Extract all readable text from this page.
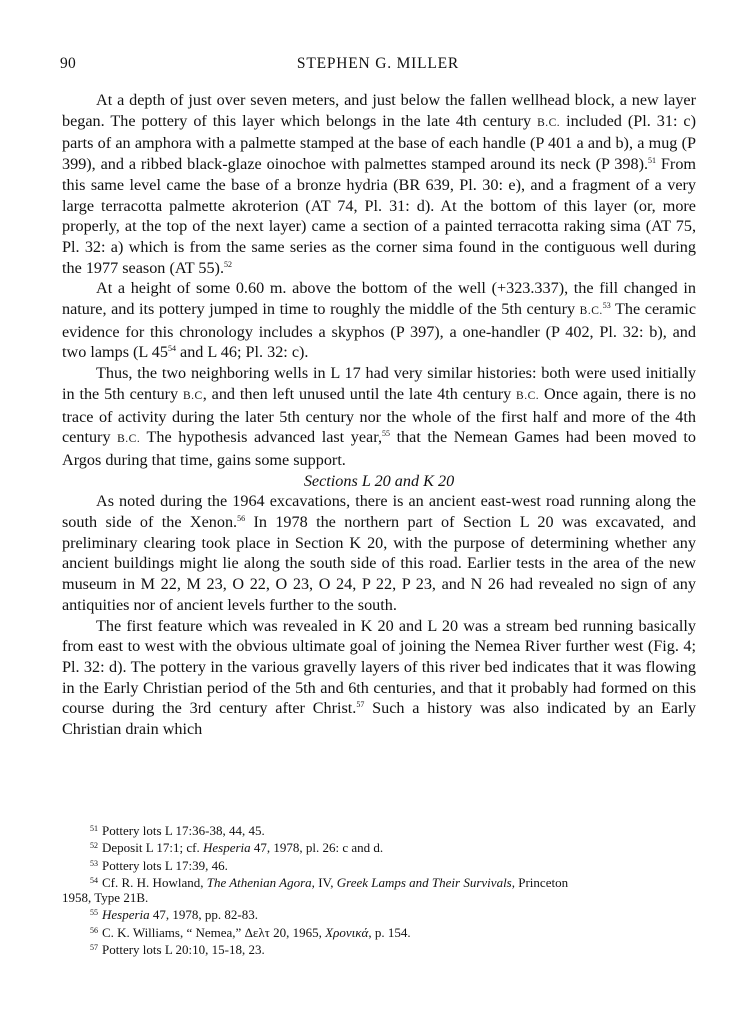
90	STEPHEN G. MILLER

At a depth of just over seven meters, and just below the fallen wellhead block, a new layer began. The pottery of this layer which belongs in the late 4th century B.C. included (Pl. 31: c) parts of an amphora with a palmette stamped at the base of each handle (P 401 a and b), a mug (P 399), and a ribbed black-glaze oinochoe with palmettes stamped around its neck (P 398).$^{51}$ From this same level came the base of a bronze hydria (BR 639, Pl. 30: e), and a fragment of a very large terracotta palmette akroterion (AT 74, Pl. 31: d). At the bottom of this layer (or, more properly, at the top of the next layer) came a section of a painted terracotta raking sima (AT 75, Pl. 32: a) which is from the same series as the corner sima found in the contiguous well during the 1977 season (AT 55).$^{52}$

At a height of some 0.60 m. above the bottom of the well (+323.337), the fill changed in nature, and its pottery jumped in time to roughly the middle of the 5th century B.C.$^{53}$ The ceramic evidence for this chronology includes a skyphos (P 397), a one-handler (P 402, Pl. 32: b), and two lamps (L $45^{54}$ and L 46; Pl. 32: c).

Thus, the two neighboring wells in L 17 had very similar histories: both were used initially in the 5th century B.C, and then left unused until the late 4th century B.C. Once again, there is no trace of activity during the later 5th century nor the whole of the first half and more of the 4th century B.C. The hypothesis advanced last year,$^{55}$ that the Nemean Games had been moved to Argos during that time, gains some support.

Sections L 20 and K 20

As noted during the 1964 excavations, there is an ancient east-west road running along the south side of the Xenon.$^{56}$ In 1978 the northern part of Section L 20 was excavated, and preliminary clearing took place in Section K 20, with the purpose of determining whether any ancient buildings might lie along the south side of this road. Earlier tests in the area of the new museum in M 22, M 23, O 22, O 23, O 24, P 22, P 23, and N 26 had revealed no sign of any antiquities nor of ancient levels further to the south.

The first feature which was revealed in K 20 and L 20 was a stream bed running basically from east to west with the obvious ultimate goal of joining the Nemea River further west (Fig. 4; Pl. 32: d). The pottery in the various gravelly layers of this river bed indicates that it was flowing in the Early Christian period of the 5th and 6th centuries, and that it probably had formed on this course during the 3rd century after Christ.$^{57}$ Such a history was also indicated by an Early Christian drain which

$^{51}$ Pottery lots L 17:36-38, 44, 45.
$^{52}$ Deposit L 17:1; cf. Hesperia 47, 1978, pl. 26: c and d.
$^{53}$ Pottery lots L 17:39, 46.
$^{54}$ Cf. R. H. Howland, The Athenian Agora, IV, Greek Lamps and Their Survivals, Princeton
1958, Type 21B.
$^{55}$ Hesperia 47, 1978, pp. 82-83.
$^{56}$ C. K. Williams, “ Nemea,” Δελτ 20, 1965, Χρονικά, p. 154.
$^{57}$ Pottery lots L 20:10, 15-18, 23.
